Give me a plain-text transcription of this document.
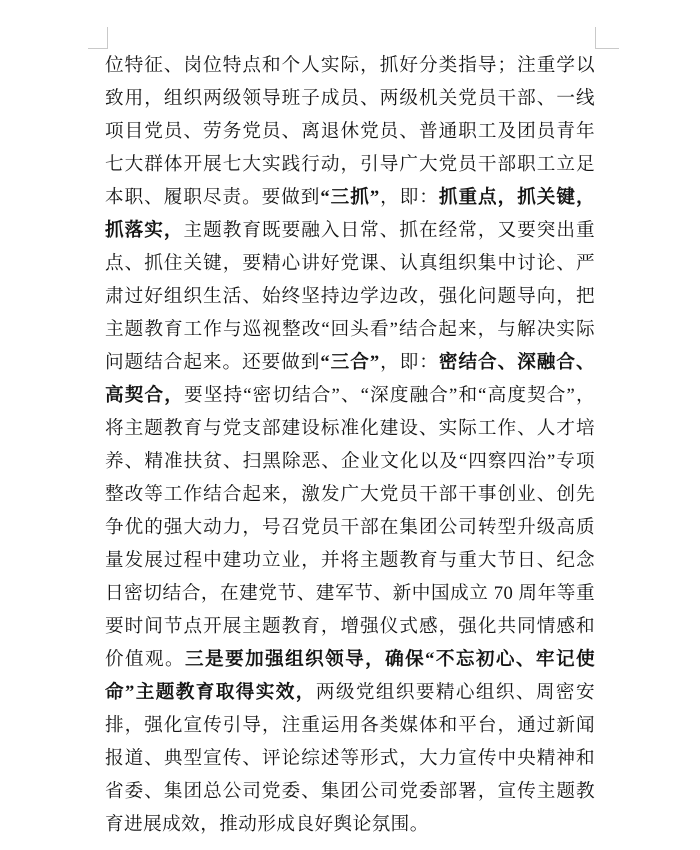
位特征、岗位特点和个人实际，抓好分类指导；注重学以致用，组织两级领导班子成员、两级机关党员干部、一线项目党员、劳务党员、离退休党员、普通职工及团员青年七大群体开展七大实践行动，引导广大党员干部职工立足本职、履职尽责。要做到“三抓”，即：抓重点，抓关键，抓落实，主题教育既要融入日常、抓在经常，又要突出重点、抓住关键，要精心讲好党课、认真组织集中讨论、严肃过好组织生活、始终坚持边学边改，强化问题导向，把主题教育工作与巡视整改“回头看”结合起来，与解决实际问题结合起来。还要做到“三合”，即：密结合、深融合、高契合，要坚持“密切结合”、“深度融合”和“高度契合”，将主题教育与党支部建设标准化建设、实际工作、人才培养、精准扶贫、扫黑除恶、企业文化以及“四察四治”专项整改等工作结合起来，激发广大党员干部干事创业、创先争优的强大动力，号召党员干部在集团公司转型升级高质量发展过程中建功立业，并将主题教育与重大节日、纪念日密切结合，在建党节、建军节、新中国成立 70 周年等重要时间节点开展主题教育，增强仪式感，强化共同情感和价值观。三是要加强组织领导，确保“不忘初心、牢记使命”主题教育取得实效，两级党组织要精心组织、周密安排，强化宣传引导，注重运用各类媒体和平台，通过新闻报道、典型宣传、评论综述等形式，大力宣传中央精神和省委、集团总公司党委、集团公司党委部署，宣传主题教育进展成效，推动形成良好舆论氛围。
